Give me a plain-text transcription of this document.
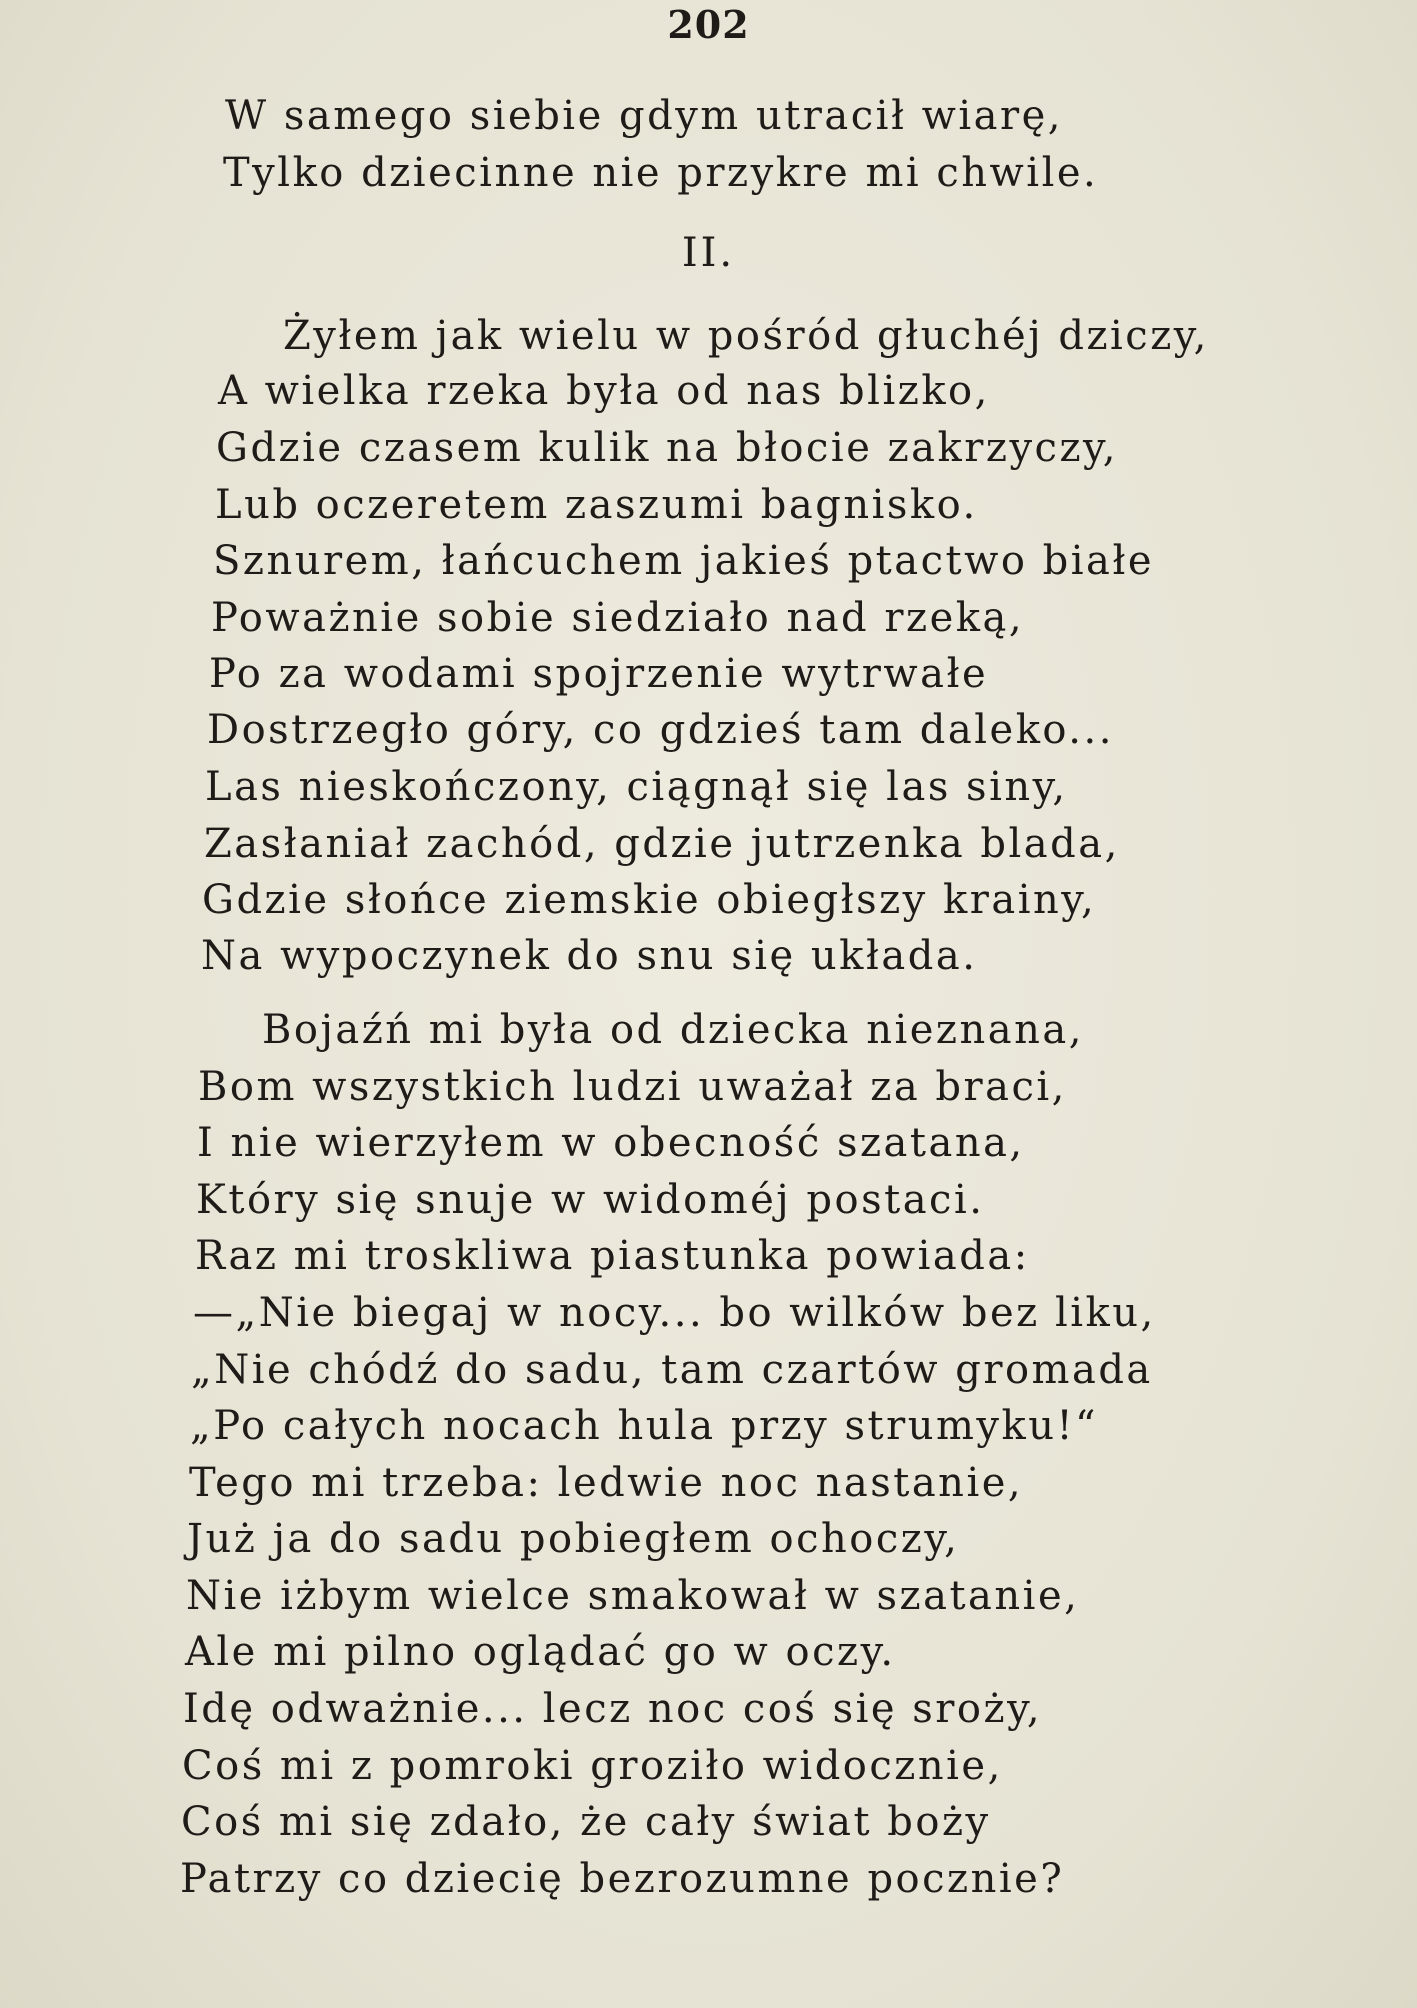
202
W samego siebie gdym utracił wiarę,
Tylko dziecinne nie przykre mi chwile.
II.
Żyłem jak wielu w pośród głuchéj dziczy,
A wielka rzeka była od nas blizko,
Gdzie czasem kulik na błocie zakrzyczy,
Lub oczeretem zaszumi bagnisko.
Sznurem, łańcuchem jakieś ptactwo białe
Poważnie sobie siedziało nad rzeką,
Po za wodami spojrzenie wytrwałe
Dostrzegło góry, co gdzieś tam daleko...
Las nieskończony, ciągnął się las siny,
Zasłaniał zachód, gdzie jutrzenka blada,
Gdzie słońce ziemskie obiegłszy krainy,
Na wypoczynek do snu się układa.
Bojaźń mi była od dziecka nieznana,
Bom wszystkich ludzi uważał za braci,
I nie wierzyłem w obecność szatana,
Który się snuje w widoméj postaci.
Raz mi troskliwa piastunka powiada:
—„Nie biegaj w nocy... bo wilków bez liku,
„Nie chódź do sadu, tam czartów gromada
„Po całych nocach hula przy strumyku!“
Tego mi trzeba: ledwie noc nastanie,
Już ja do sadu pobiegłem ochoczy,
Nie iżbym wielce smakował w szatanie,
Ale mi pilno oglądać go w oczy.
Idę odważnie... lecz noc coś się sroży,
Coś mi z pomroki groziło widocznie,
Coś mi się zdało, że cały świat boży
Patrzy co dziecię bezrozumne pocznie?
